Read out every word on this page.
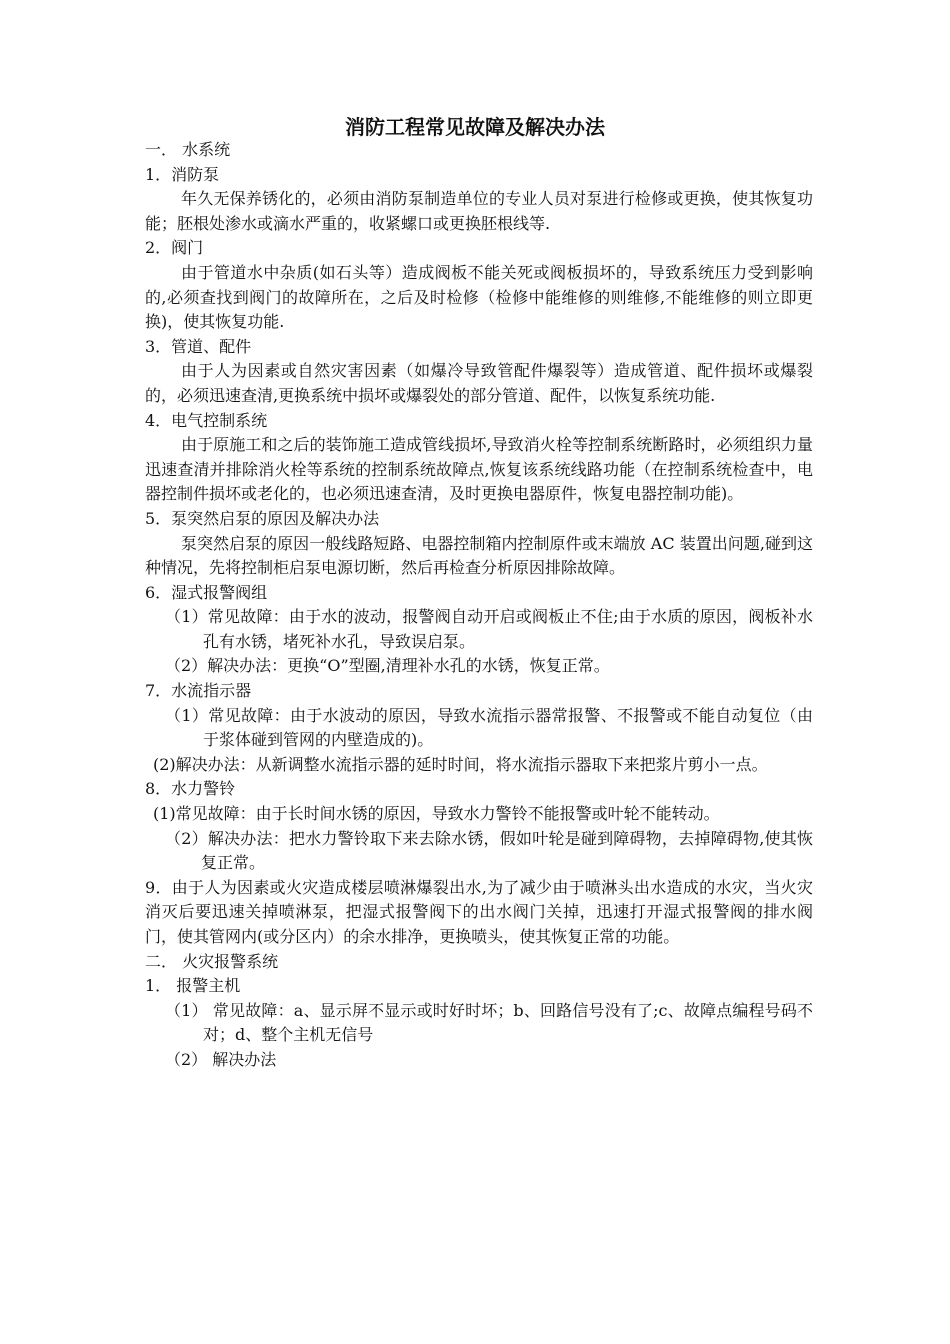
消防工程常见故障及解决办法

一． 水系统

1．消防泵

年久无保养锈化的，必须由消防泵制造单位的专业人员对泵进行检修或更换，使其恢复功能；胚根处渗水或滴水严重的，收紧螺口或更换胚根线等.

2．阀门

由于管道水中杂质(如石头等）造成阀板不能关死或阀板损坏的，导致系统压力受到影响的,必须查找到阀门的故障所在，之后及时检修（检修中能维修的则维修,不能维修的则立即更换)，使其恢复功能.

3．管道、配件

由于人为因素或自然灾害因素（如爆冷导致管配件爆裂等）造成管道、配件损坏或爆裂的，必须迅速查清,更换系统中损坏或爆裂处的部分管道、配件，以恢复系统功能.

4．电气控制系统

由于原施工和之后的装饰施工造成管线损坏,导致消火栓等控制系统断路时，必须组织力量迅速查清并排除消火栓等系统的控制系统故障点,恢复该系统线路功能（在控制系统检查中，电器控制件损坏或老化的，也必须迅速查清，及时更换电器原件，恢复电器控制功能)。

5．泵突然启泵的原因及解决办法

泵突然启泵的原因一般线路短路、电器控制箱内控制原件或末端放 AC 装置出问题,碰到这种情况，先将控制柜启泵电源切断，然后再检查分析原因排除故障。

6．湿式报警阀组

（1）常见故障：由于水的波动，报警阀自动开启或阀板止不住;由于水质的原因，阀板补水孔有水锈，堵死补水孔，导致误启泵。

（2）解决办法：更换“O”型圈,清理补水孔的水锈，恢复正常。

7．水流指示器

（1）常见故障：由于水波动的原因，导致水流指示器常报警、不报警或不能自动复位（由于浆体碰到管网的内壁造成的)。

(2)解决办法：从新调整水流指示器的延时时间，将水流指示器取下来把浆片剪小一点。

8．水力警铃

(1)常见故障：由于长时间水锈的原因，导致水力警铃不能报警或叶轮不能转动。

（2）解决办法：把水力警铃取下来去除水锈，假如叶轮是碰到障碍物，去掉障碍物,使其恢复正常。

9．由于人为因素或火灾造成楼层喷淋爆裂出水,为了减少由于喷淋头出水造成的水灾，当火灾消灭后要迅速关掉喷淋泵，把湿式报警阀下的出水阀门关掉，迅速打开湿式报警阀的排水阀门，使其管网内(或分区内）的余水排净，更换喷头，使其恢复正常的功能。

二． 火灾报警系统

1． 报警主机

（1） 常见故障：a、显示屏不显示或时好时坏；b、回路信号没有了;c、故障点编程号码不对；d、整个主机无信号

（2） 解决办法
